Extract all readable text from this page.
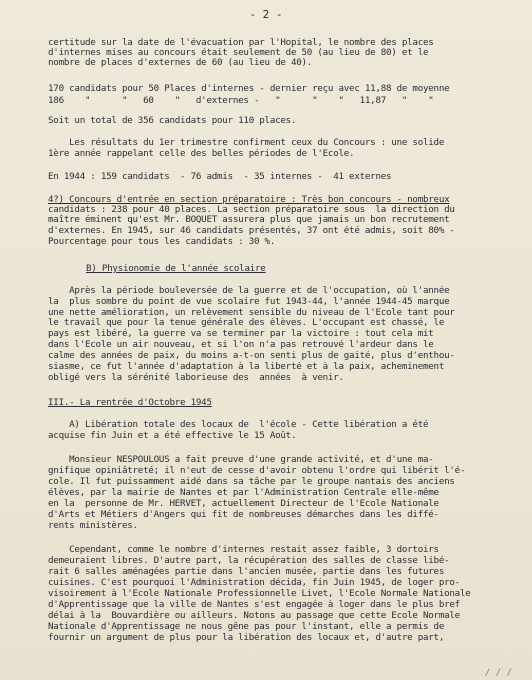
- 2 -
certitude sur la date de l'évacuation par l'Hopital, le nombre des places
d'internes mises au concours était seulement de 50 (au lieu de 80) et le
nombre de places d'externes de 60 (au lieu de 40).
170 candidats pour 50 Places d'internes - dernier reçu avec 11,88 de moyenne
186    "      "   60    "   d'externes -   "      "    "   11,87   "    "
Soit un total de 356 candidats pour 110 places.
Les résultats du 1er trimestre confirment ceux du Concours : une solide
1ère année rappelant celle des belles périodes de l'Ecole.
En 1944 : 159 candidats  - 76 admis  - 35 internes -  41 externes
4?) Concours d'entrée en section préparatoire : Très bon concours - nombreux
candidats : 238 pour 40 places. La section préparatoire sous  la direction du
maître éminent qu'est Mr. BOQUET assurera plus que jamais un bon recrutement
d'externes. En 1945, sur 46 candidats présentés, 37 ont été admis, soit 80% -
Pourcentage pour tous les candidats : 30 %.
B) Physionomie de l'année scolaire
Après la période bouleversée de la guerre et de l'occupation, où l'année
la  plus sombre du point de vue scolaire fut 1943-44, l'année 1944-45 marque
une nette amélioration, un relèvement sensible du niveau de l'Ecole tant pour
le travail que pour la tenue générale des élèves. L'occupant est chassé, le
pays est libéré, la guerre va se terminer par la victoire : tout cela mit
dans l'Ecole un air nouveau, et si l'on n'a pas retrouvé l'ardeur dans le
calme des années de paix, du moins a-t-on senti plus de gaité, plus d'enthou-
siasme, ce fut l'année d'adaptation à la liberté et à la paix, acheminement
obligé vers la sérénité laborieuse des  années  à venir.
III.- La rentrée d'Octobre 1945
A) Libération totale des locaux de  l'école - Cette libération a été
acquise fin Juin et a été effective le 15 Août.
Monsieur NESPOULOUS a fait preuve d'une grande activité, et d'une ma-
gnifique opiniâtreté; il n'eut de cesse d'avoir obtenu l'ordre qui libérit l'é-
cole. Il fut puissamment aidé dans sa tâche par le groupe nantais des anciens
élèves, par la mairie de Nantes et par l'Administration Centrale elle-même
en la  personne de Mr. HERVET, actuellement Directeur de l'Ecole Nationale
d'Arts et Métiers d'Angers qui fit de nombreuses démarches dans les diffé-
rents ministères.
Cependant, comme le nombre d'internes restait assez faible, 3 dortoirs
demeuraient libres. D'autre part, la récupération des salles de classe libé-
rait 6 salles aménagées partie dans l'ancien musée, partie dans les futures
cuisines. C'est pourquoi l'Administration décida, fin Juin 1945, de loger pro-
visoirement à l'Ecole Nationale Professionnelle Livet, l'Ecole Normale Nationale
d'Apprentissage que la ville de Nantes s'est engagée à loger dans le plus bref
délai à la  Bouvardière ou ailleurs. Notons au passage que cette Ecole Normale
Nationale d'Apprentissage ne nous gêne pas pour l'instant, elle a permis de
fournir un argument de plus pour la libération des locaux et, d'autre part,
/ / /
